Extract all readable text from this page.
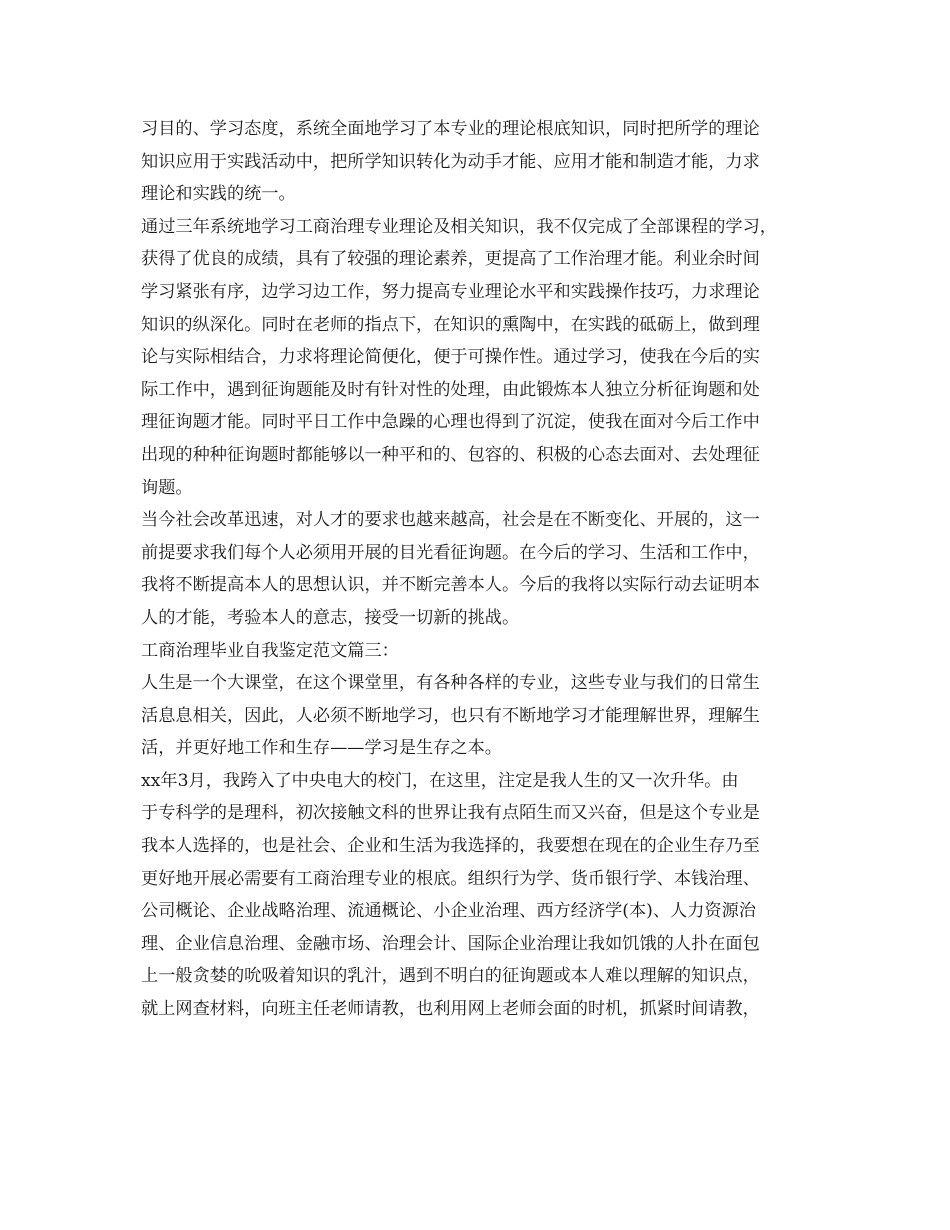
习目的、学习态度，系统全面地学习了本专业的理论根底知识，同时把所学的理论
知识应用于实践活动中，把所学知识转化为动手才能、应用才能和制造才能，力求
理论和实践的统一。
通过三年系统地学习工商治理专业理论及相关知识，我不仅完成了全部课程的学习，
获得了优良的成绩，具有了较强的理论素养，更提高了工作治理才能。利业余时间
学习紧张有序，边学习边工作，努力提高专业理论水平和实践操作技巧，力求理论
知识的纵深化。同时在老师的指点下，在知识的熏陶中，在实践的砥砺上，做到理
论与实际相结合，力求将理论简便化，便于可操作性。通过学习，使我在今后的实
际工作中，遇到征询题能及时有针对性的处理，由此锻炼本人独立分析征询题和处
理征询题才能。同时平日工作中急躁的心理也得到了沉淀，使我在面对今后工作中
出现的种种征询题时都能够以一种平和的、包容的、积极的心态去面对、去处理征
询题。
当今社会改革迅速，对人才的要求也越来越高，社会是在不断变化、开展的，这一
前提要求我们每个人必须用开展的目光看征询题。在今后的学习、生活和工作中，
我将不断提高本人的思想认识，并不断完善本人。今后的我将以实际行动去证明本
人的才能，考验本人的意志，接受一切新的挑战。
工商治理毕业自我鉴定范文篇三：
人生是一个大课堂，在这个课堂里，有各种各样的专业，这些专业与我们的日常生
活息息相关，因此，人必须不断地学习，也只有不断地学习才能理解世界，理解生
活，并更好地工作和生存——学习是生存之本。
xx年3月，我跨入了中央电大的校门，在这里，注定是我人生的又一次升华。由
于专科学的是理科，初次接触文科的世界让我有点陌生而又兴奋，但是这个专业是
我本人选择的，也是社会、企业和生活为我选择的，我要想在现在的企业生存乃至
更好地开展必需要有工商治理专业的根底。组织行为学、货币银行学、本钱治理、
公司概论、企业战略治理、流通概论、小企业治理、西方经济学(本)、人力资源治
理、企业信息治理、金融市场、治理会计、国际企业治理让我如饥饿的人扑在面包
上一般贪婪的吮吸着知识的乳汁，遇到不明白的征询题或本人难以理解的知识点，
就上网查材料，向班主任老师请教，也利用网上老师会面的时机，抓紧时间请教，
